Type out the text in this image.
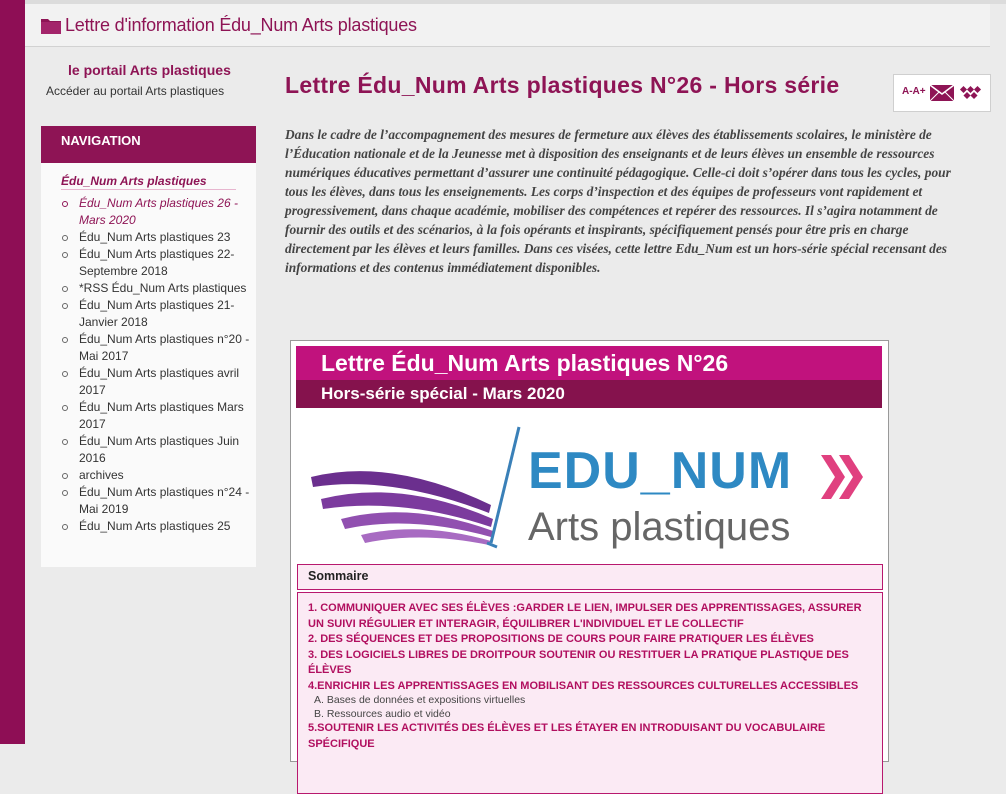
Lettre d'information Édu_Num Arts plastiques
le portail Arts plastiques
Accéder au portail Arts plastiques
NAVIGATION
Édu_Num Arts plastiques
Édu_Num Arts plastiques 26 - Mars 2020
Édu_Num Arts plastiques 23
Édu_Num Arts plastiques 22- Septembre 2018
*RSS Édu_Num Arts plastiques
Édu_Num Arts plastiques 21- Janvier 2018
Édu_Num Arts plastiques n°20 - Mai 2017
Édu_Num Arts plastiques avril 2017
Édu_Num Arts plastiques Mars 2017
Édu_Num Arts plastiques Juin 2016
archives
Édu_Num Arts plastiques n°24 - Mai 2019
Édu_Num Arts plastiques 25
Lettre Édu_Num Arts plastiques N°26 - Hors série	A-A+

Dans le cadre de l’accompagnement des mesures de fermeture aux élèves des établissements scolaires, le ministère de l’Éducation nationale et de la Jeunesse met à disposition des enseignants et de leurs élèves un ensemble de ressources numériques éducatives permettant d’assurer une continuité pédagogique. Celle-ci doit s’opérer dans tous les cycles, pour tous les élèves, dans tous les enseignements. Les corps d’inspection et des équipes de professeurs vont rapidement et progressivement, dans chaque académie, mobiliser des compétences et repérer des ressources. Il s’agira notamment de fournir des outils et des scénarios, à la fois opérants et inspirants, spécifiquement pensés pour être pris en charge directement par les élèves et leurs familles. Dans ces visées, cette lettre Edu_Num est un hors-série spécial recensant des informations et des contenus immédiatement disponibles.

Lettre Édu_Num Arts plastiques N°26
Hors-série spécial - Mars 2020
EDU_NUM
Arts plastiques
Sommaire
1. COMMUNIQUER AVEC SES ÉLÈVES :GARDER LE LIEN, IMPULSER DES APPRENTISSAGES, ASSURER UN SUIVI RÉGULIER ET INTERAGIR, ÉQUILIBRER L'INDIVIDUEL ET LE COLLECTIF
2. DES SÉQUENCES ET DES PROPOSITIONS DE COURS POUR FAIRE PRATIQUER LES ÉLÈVES
3. DES LOGICIELS LIBRES DE DROITPOUR SOUTENIR OU RESTITUER LA PRATIQUE PLASTIQUE DES ÉLÈVES
4.ENRICHIR LES APPRENTISSAGES EN MOBILISANT DES RESSOURCES CULTURELLES ACCESSIBLES
A. Bases de données et expositions virtuelles
B. Ressources audio et vidéo
5.SOUTENIR LES ACTIVITÉS DES ÉLÈVES ET LES ÉTAYER EN INTRODUISANT DU VOCABULAIRE SPÉCIFIQUE
